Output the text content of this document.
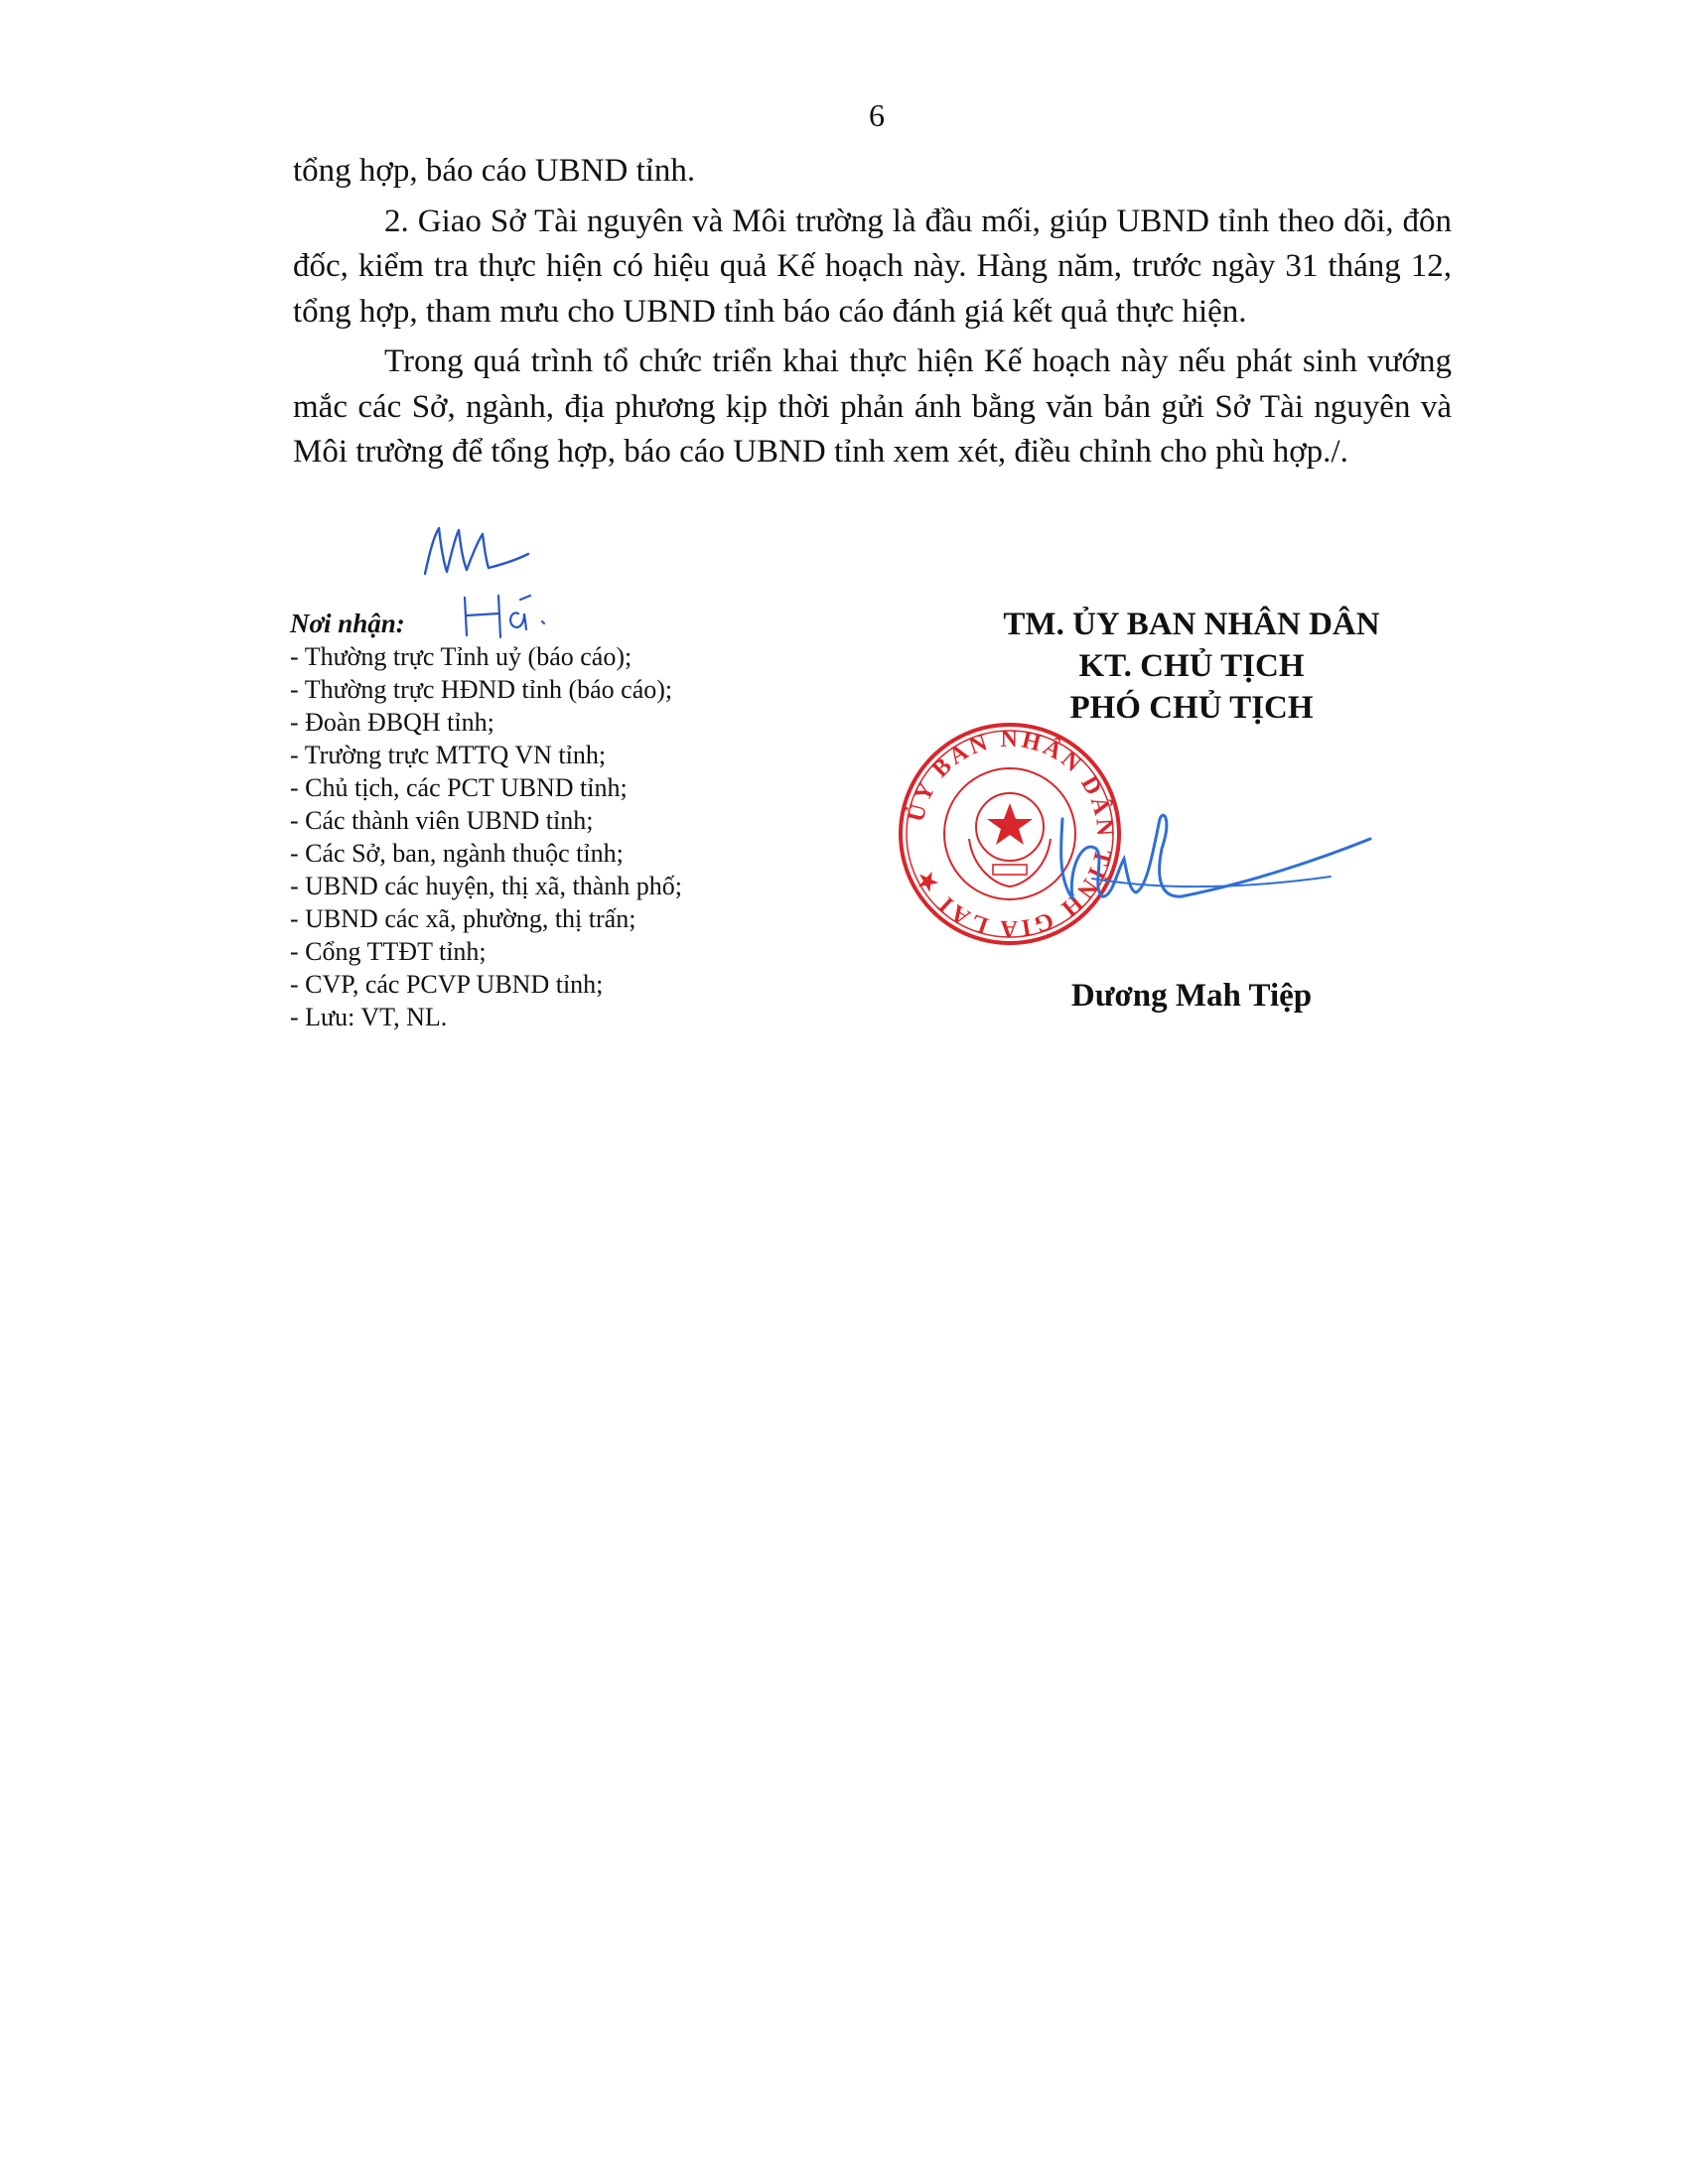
6

tổng hợp, báo cáo UBND tỉnh.

2. Giao Sở Tài nguyên và Môi trường là đầu mối, giúp UBND tỉnh theo dõi, đôn đốc, kiểm tra thực hiện có hiệu quả Kế hoạch này. Hàng năm, trước ngày 31 tháng 12, tổng hợp, tham mưu cho UBND tỉnh báo cáo đánh giá kết quả thực hiện.

Trong quá trình tổ chức triển khai thực hiện Kế hoạch này nếu phát sinh vướng mắc các Sở, ngành, địa phương kịp thời phản ánh bằng văn bản gửi Sở Tài nguyên và Môi trường để tổng hợp, báo cáo UBND tỉnh xem xét, điều chỉnh cho phù hợp./.

Nơi nhận:
- Thường trực Tỉnh uỷ (báo cáo);
- Thường trực HĐND tỉnh (báo cáo);
- Đoàn ĐBQH tỉnh;
- Trường trực MTTQ VN tỉnh;
- Chủ tịch, các PCT UBND tỉnh;
- Các thành viên UBND tỉnh;
- Các Sở, ban, ngành thuộc tỉnh;
- UBND các huyện, thị xã, thành phố;
- UBND các xã, phường, thị trấn;
- Cổng TTĐT tỉnh;
- CVP, các PCVP UBND tỉnh;
- Lưu: VT, NL.
TM. ỦY BAN NHÂN DÂN
KT. CHỦ TỊCH
PHÓ CHỦ TỊCH
ỦY BAN NHÂN DÂN TỈNH GIA LAI ★
Dương Mah Tiệp
